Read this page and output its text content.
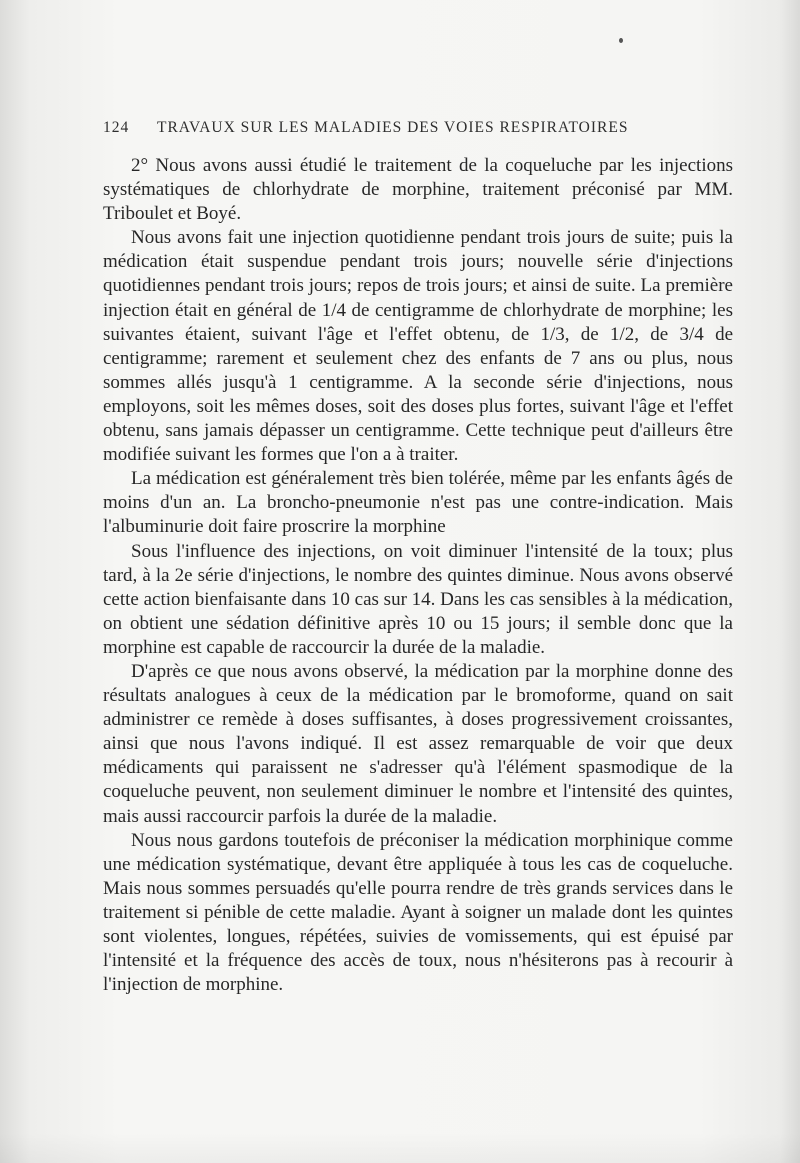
124 TRAVAUX SUR LES MALADIES DES VOIES RESPIRATOIRES

2° Nous avons aussi étudié le traitement de la coqueluche par les injections systématiques de chlorhydrate de morphine, traitement préconisé par MM. Triboulet et Boyé.

Nous avons fait une injection quotidienne pendant trois jours de suite; puis la médication était suspendue pendant trois jours; nouvelle série d'injections quotidiennes pendant trois jours; repos de trois jours; et ainsi de suite. La première injection était en général de 1/4 de centigramme de chlorhydrate de morphine; les suivantes étaient, suivant l'âge et l'effet obtenu, de 1/3, de 1/2, de 3/4 de centigramme; rarement et seulement chez des enfants de 7 ans ou plus, nous sommes allés jusqu'à 1 centigramme. A la seconde série d'injections, nous employons, soit les mêmes doses, soit des doses plus fortes, suivant l'âge et l'effet obtenu, sans jamais dépasser un centigramme. Cette technique peut d'ailleurs être modifiée suivant les formes que l'on a à traiter.

La médication est généralement très bien tolérée, même par les enfants âgés de moins d'un an. La broncho-pneumonie n'est pas une contre-indication. Mais l'albuminurie doit faire proscrire la morphine

Sous l'influence des injections, on voit diminuer l'intensité de la toux; plus tard, à la 2e série d'injections, le nombre des quintes diminue. Nous avons observé cette action bienfaisante dans 10 cas sur 14. Dans les cas sensibles à la médication, on obtient une sédation définitive après 10 ou 15 jours; il semble donc que la morphine est capable de raccourcir la durée de la maladie.

D'après ce que nous avons observé, la médication par la morphine donne des résultats analogues à ceux de la médication par le bromoforme, quand on sait administrer ce remède à doses suffisantes, à doses progressivement croissantes, ainsi que nous l'avons indiqué. Il est assez remarquable de voir que deux médicaments qui paraissent ne s'adresser qu'à l'élément spasmodique de la coqueluche peuvent, non seulement diminuer le nombre et l'intensité des quintes, mais aussi raccourcir parfois la durée de la maladie.

Nous nous gardons toutefois de préconiser la médication morphinique comme une médication systématique, devant être appliquée à tous les cas de coqueluche. Mais nous sommes persuadés qu'elle pourra rendre de très grands services dans le traitement si pénible de cette maladie. Ayant à soigner un malade dont les quintes sont violentes, longues, répétées, suivies de vomissements, qui est épuisé par l'intensité et la fréquence des accès de toux, nous n'hésiterons pas à recourir à l'injection de morphine.
